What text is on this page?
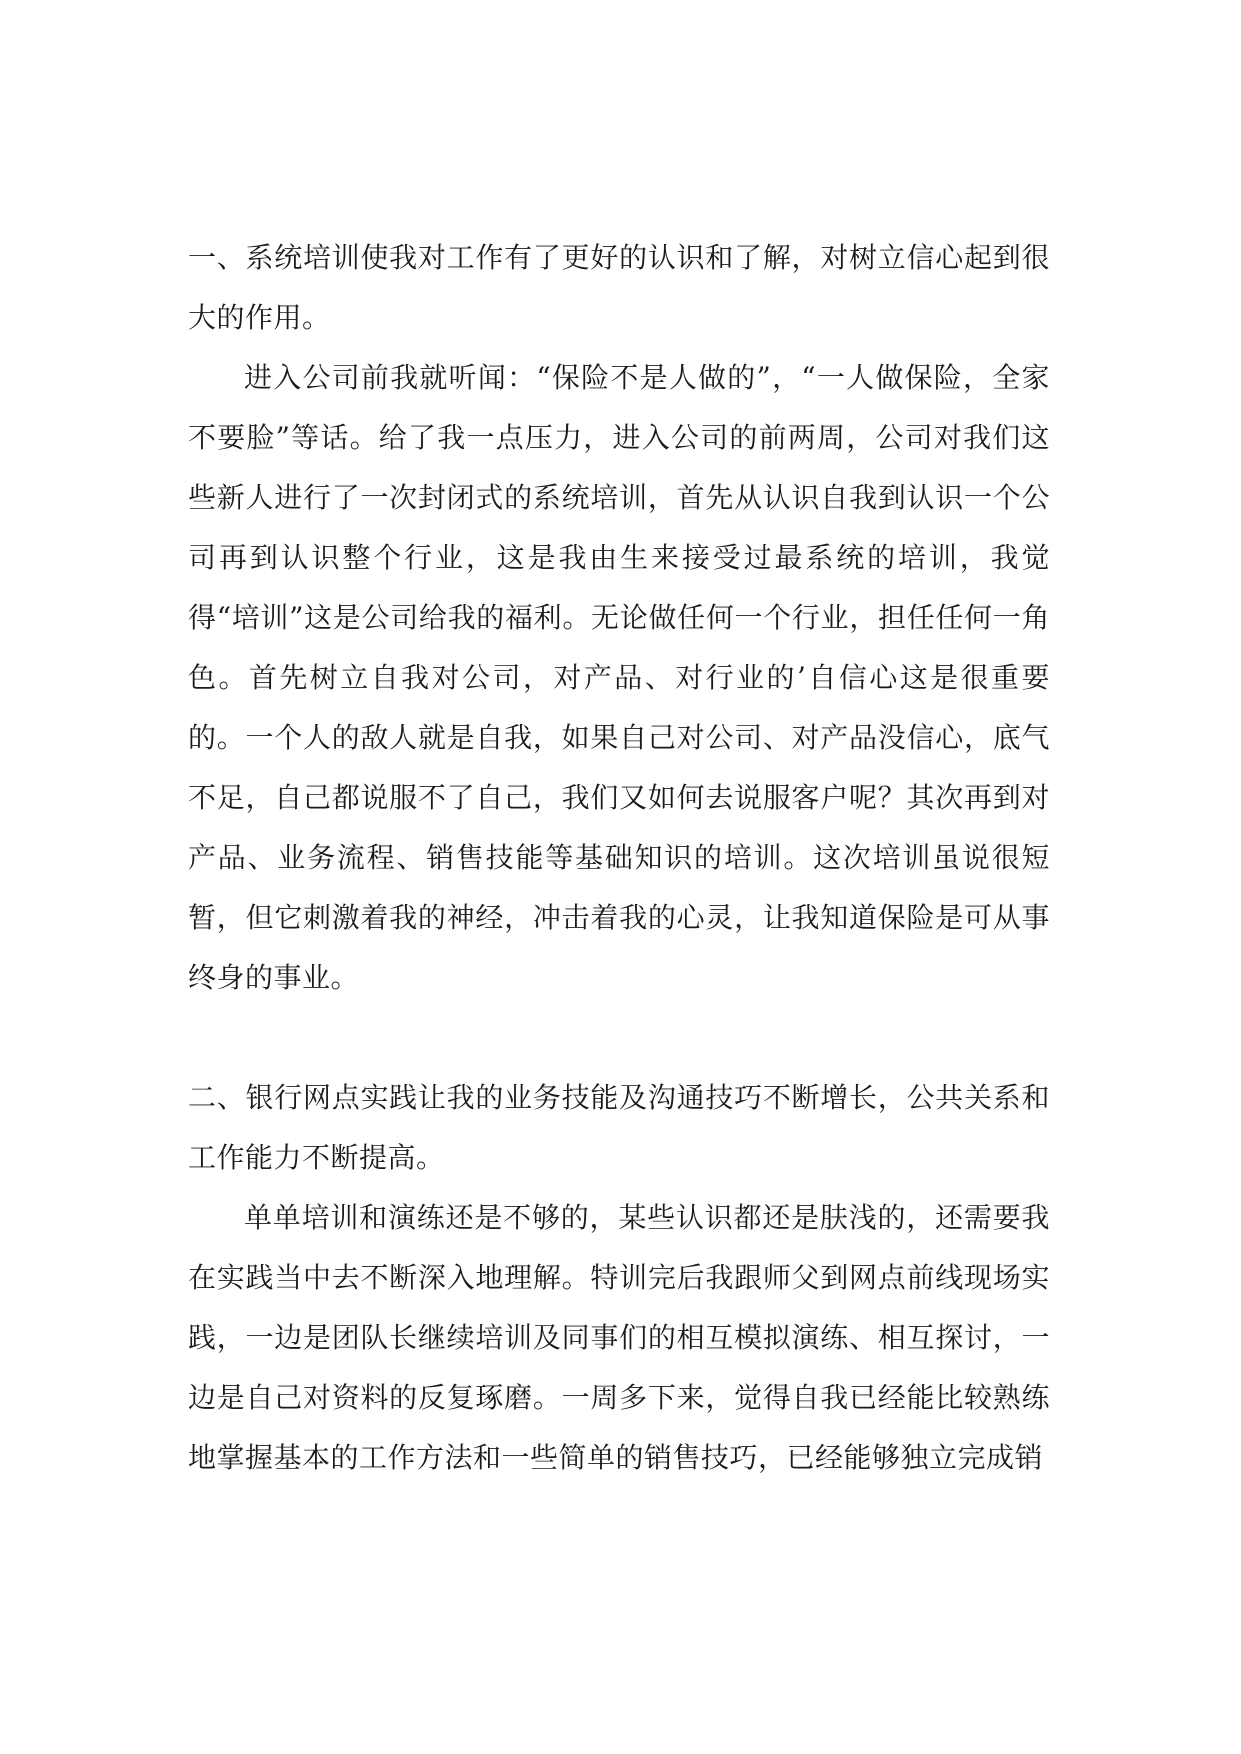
一、系统培训使我对工作有了更好的认识和了解，对树立信心起到很大的作用。

进入公司前我就听闻：“保险不是人做的”，“一人做保险，全家不要脸”等话。给了我一点压力，进入公司的前两周，公司对我们这些新人进行了一次封闭式的系统培训，首先从认识自我到认识一个公司再到认识整个行业，这是我由生来接受过最系统的培训，我觉得“培训”这是公司给我的福利。无论做任何一个行业，担任任何一角色。首先树立自我对公司，对产品、对行业的’自信心这是很重要的。一个人的敌人就是自我，如果自己对公司、对产品没信心，底气不足，自己都说服不了自己，我们又如何去说服客户呢？其次再到对产品、业务流程、销售技能等基础知识的培训。这次培训虽说很短暂，但它刺激着我的神经，冲击着我的心灵，让我知道保险是可从事终身的事业。

二、银行网点实践让我的业务技能及沟通技巧不断增长，公共关系和工作能力不断提高。

单单培训和演练还是不够的，某些认识都还是肤浅的，还需要我在实践当中去不断深入地理解。特训完后我跟师父到网点前线现场实践，一边是团队长继续培训及同事们的相互模拟演练、相互探讨，一边是自己对资料的反复琢磨。一周多下来，觉得自我已经能比较熟练地掌握基本的工作方法和一些简单的销售技巧，已经能够独立完成销
